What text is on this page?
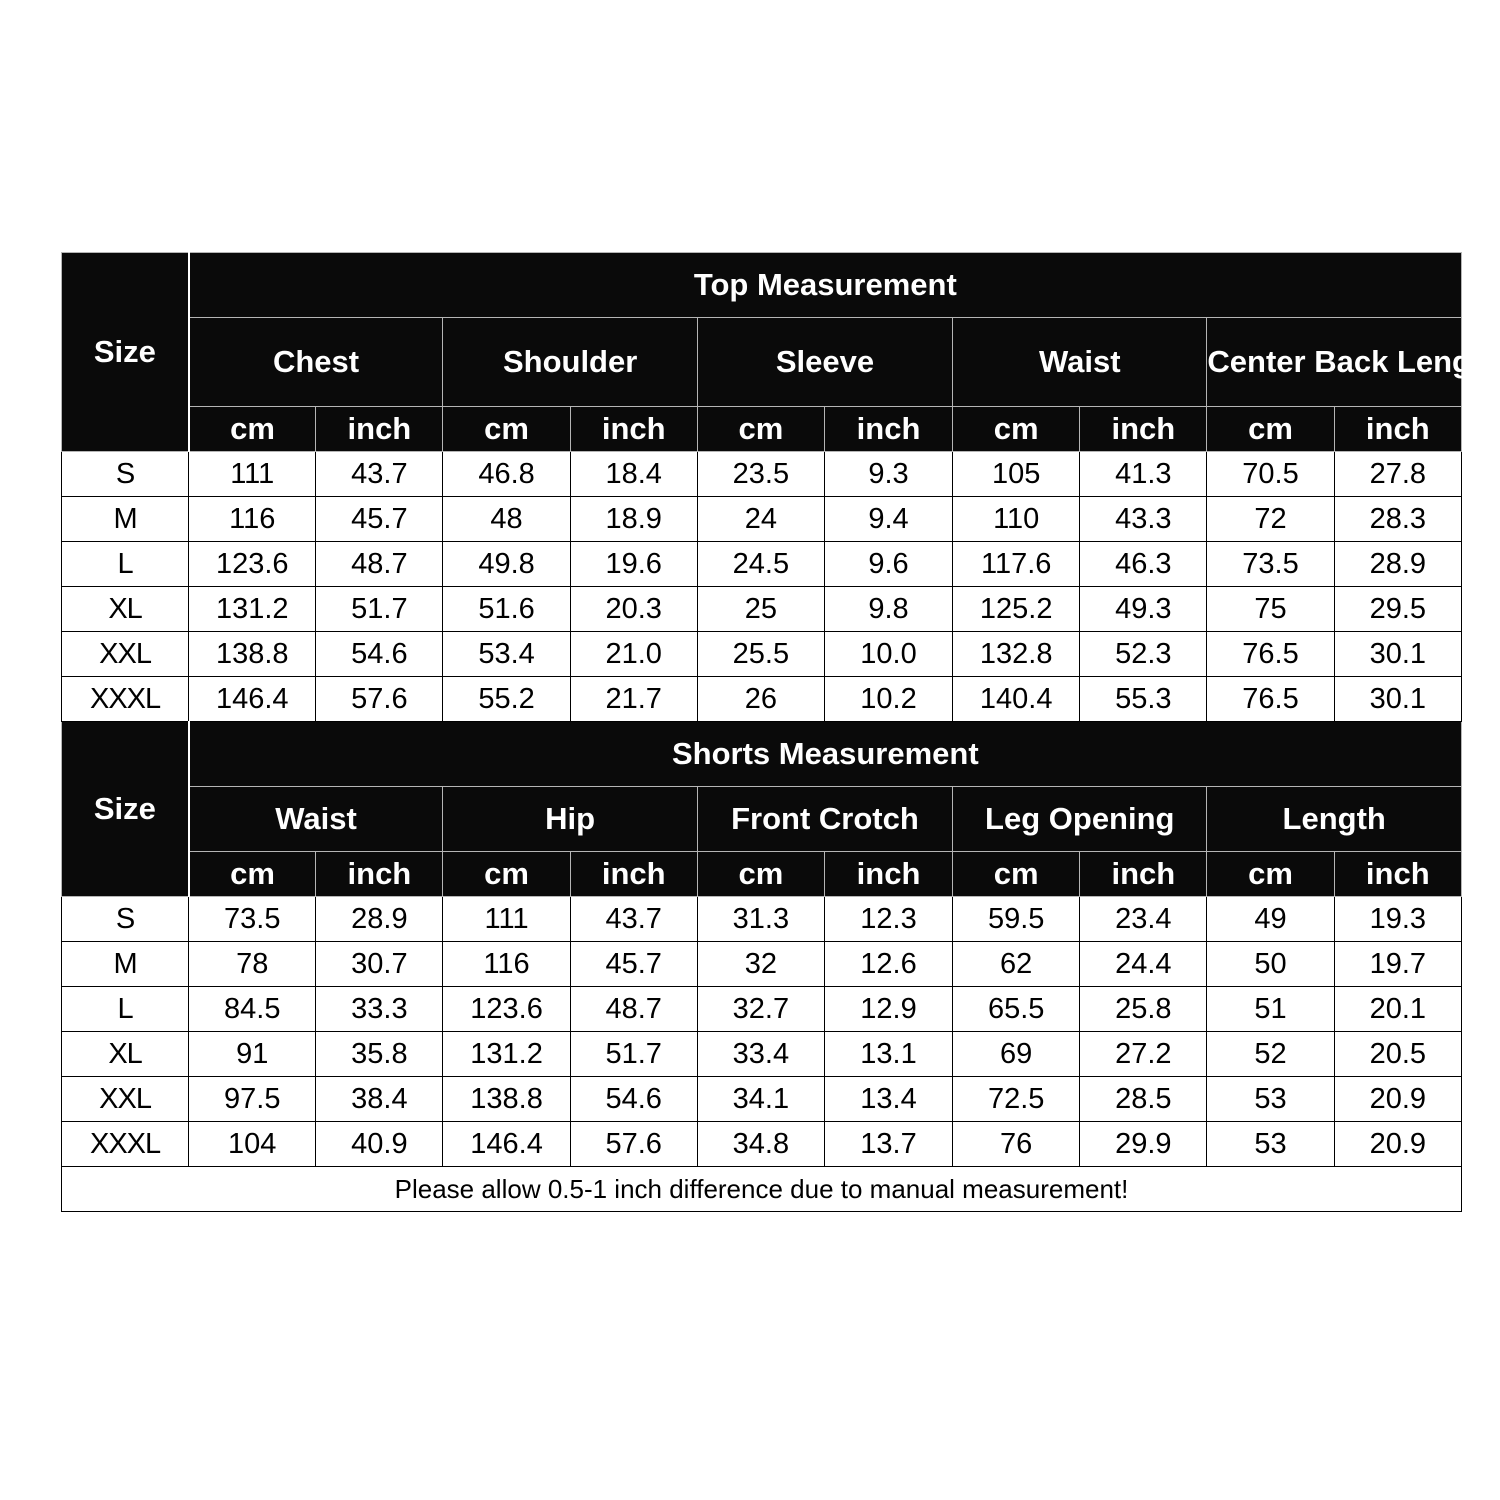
Size	Top Measurement									
	Chest		Shoulder		Sleeve		Waist		Center Back Length	
	cm	inch	cm	inch	cm	inch	cm	inch	cm	inch
S	111	43.7	46.8	18.4	23.5	9.3	105	41.3	70.5	27.8
M	116	45.7	48	18.9	24	9.4	110	43.3	72	28.3
L	123.6	48.7	49.8	19.6	24.5	9.6	117.6	46.3	73.5	28.9
XL	131.2	51.7	51.6	20.3	25	9.8	125.2	49.3	75	29.5
XXL	138.8	54.6	53.4	21.0	25.5	10.0	132.8	52.3	76.5	30.1
XXXL	146.4	57.6	55.2	21.7	26	10.2	140.4	55.3	76.5	30.1
Size	Shorts Measurement									
	Waist		Hip		Front Crotch		Leg Opening		Length	
	cm	inch	cm	inch	cm	inch	cm	inch	cm	inch
S	73.5	28.9	111	43.7	31.3	12.3	59.5	23.4	49	19.3
M	78	30.7	116	45.7	32	12.6	62	24.4	50	19.7
L	84.5	33.3	123.6	48.7	32.7	12.9	65.5	25.8	51	20.1
XL	91	35.8	131.2	51.7	33.4	13.1	69	27.2	52	20.5
XXL	97.5	38.4	138.8	54.6	34.1	13.4	72.5	28.5	53	20.9
XXXL	104	40.9	146.4	57.6	34.8	13.7	76	29.9	53	20.9
Please allow 0.5-1 inch difference due to manual measurement!										
